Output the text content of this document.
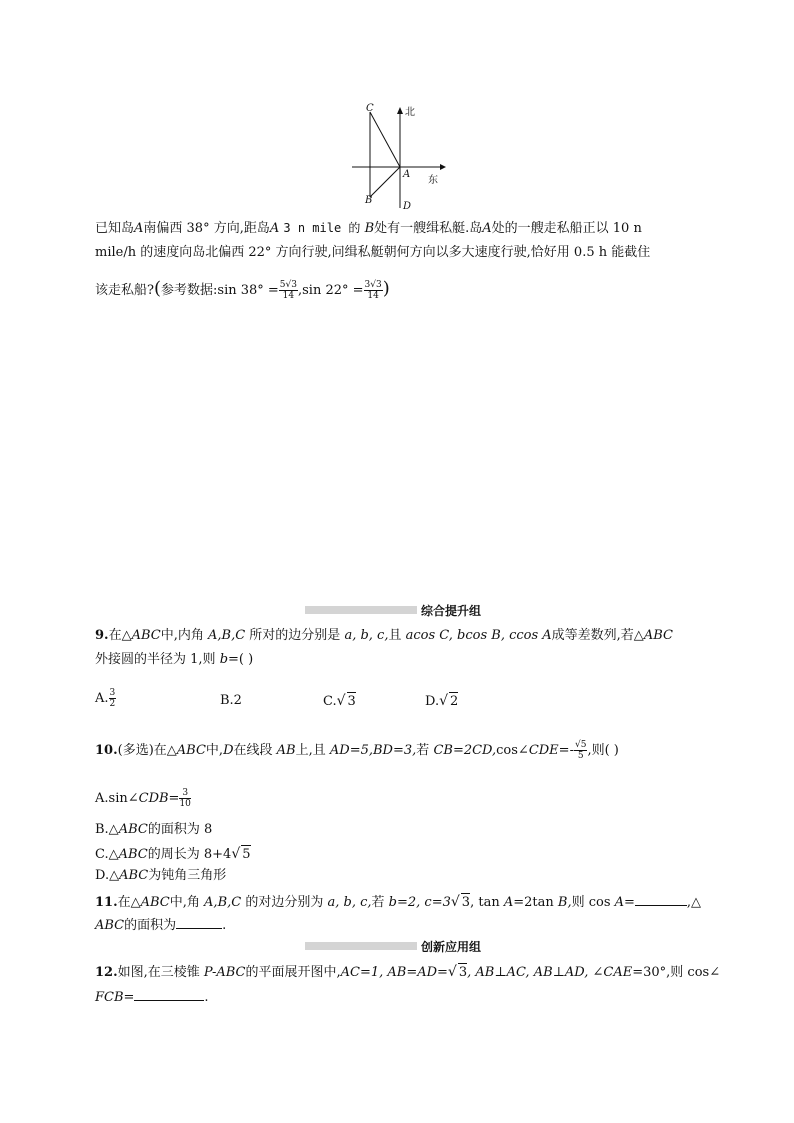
C
B
A
D
北
东
已知岛A南偏西 38° 方向,距岛A 3 n mile 的 B处有一艘缉私艇.岛A处的一艘走私船正以 10 n
mile/h 的速度向岛北偏西 22° 方向行驶,问缉私艇朝何方向以多大速度行驶,恰好用 0.5 h 能截住
该走私船?(参考数据:sin $38^\circ = \frac{5√3}{14} ,\sin$ $22^\circ = \frac{3√3}{14}$ )
综合提升组
9.在△ABC中,内角 A,B,C 所对的边分别是 a, b, c,且 acos C, bcos B, ccos A成等差数列,若△ABC
外接圆的半径为 1,则 b=( )
A. $\frac{3}{2}$	B.2	C.√ 3	D.√ 2
10.(多选)在△ABC中,D在线段 AB上,且 AD=5,BD=3,若 CB=2CD,cos∠CDE=- $\frac{√5}{5}$ ,则( )
A.sin∠CDB= $\frac{3}{10}$
B.△ABC的面积为 8
C.△ABC的周长为 8+4√ 5
D.△ABC为钝角三角形
11.在△ABC中,角 A,B,C 的对边分别为 a, b, c,若 b=2, c=3√ 3, tan A=2tan B,则 cos A=	,△
ABC的面积为	.
创新应用组
12.如图,在三棱锥 P-ABC的平面展开图中,AC=1, AB=AD=√ 3, AB⊥AC, AB⊥AD, ∠CAE=30°,则 cos∠
FCB=	.
